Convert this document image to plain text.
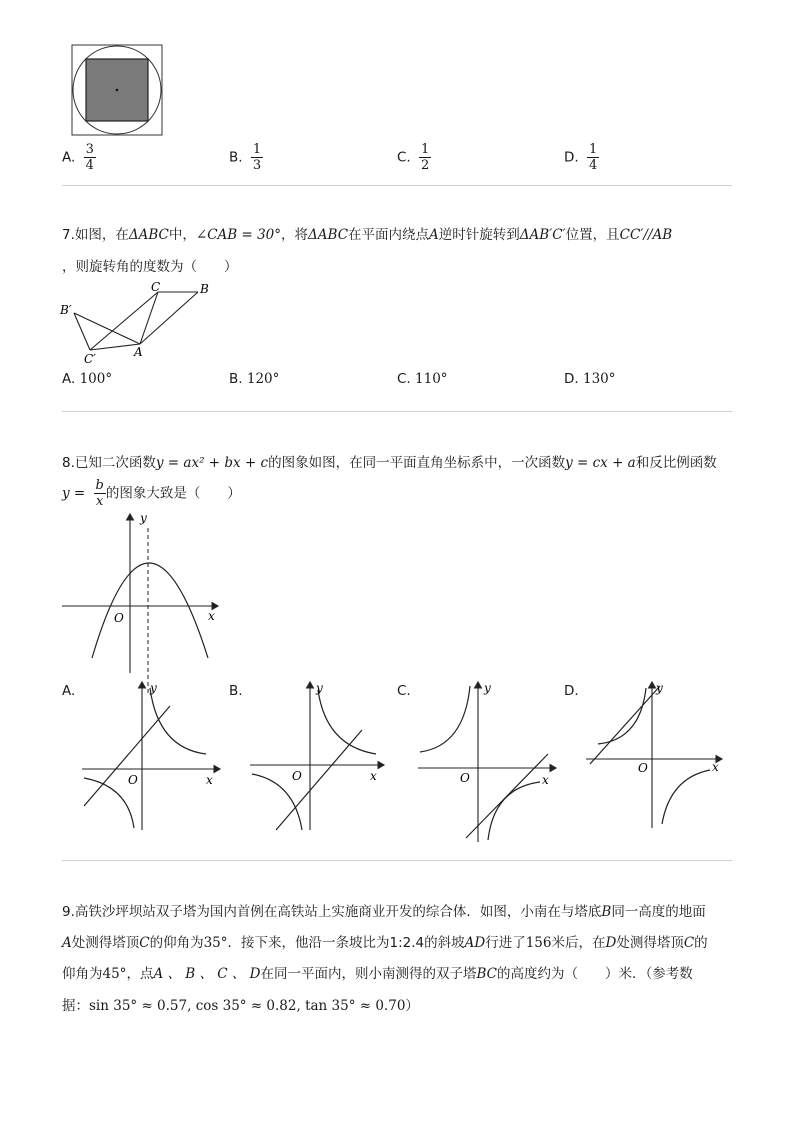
A. $\frac{3}{4}$	B. $\frac{1}{3}$	C. $\frac{1}{2}$	D. $\frac{1}{4}$
7.如图，在ΔABC中，∠CAB = 30°，将ΔABC在平面内绕点A逆时针旋转到ΔAB′C′位置，且CC′//AB
，则旋转角的度数为（　　）
B′
C	B
C′	A
A. 100°	B. 120°	C. 110°	D. 130°
8.已知二次函数y = ax² + bx + c的图象如图，在同一平面直角坐标系中，一次函数y = cx + a和反比例函数
$y = \frac{b}{x}$ 的图象大致是（　　）
y
x
O
A.	B.	C.	D.
y
x
O
y
x
O
y
x
O
y
x
O
9.高铁沙坪坝站双子塔为国内首例在高铁站上实施商业开发的综合体．如图，小南在与塔底B同一高度的地面
A处测得塔顶C的仰角为35°．接下来，他沿一条坡比为1:2.4的斜坡AD行进了156米后，在D处测得塔顶C的
仰角为45°，点A 、 B 、 C 、 D在同一平面内，则小南测得的双子塔BC的高度约为（　　）米．（参考数
据：sin 35° ≈ 0.57, cos 35° ≈ 0.82, tan 35° ≈ 0.70）
